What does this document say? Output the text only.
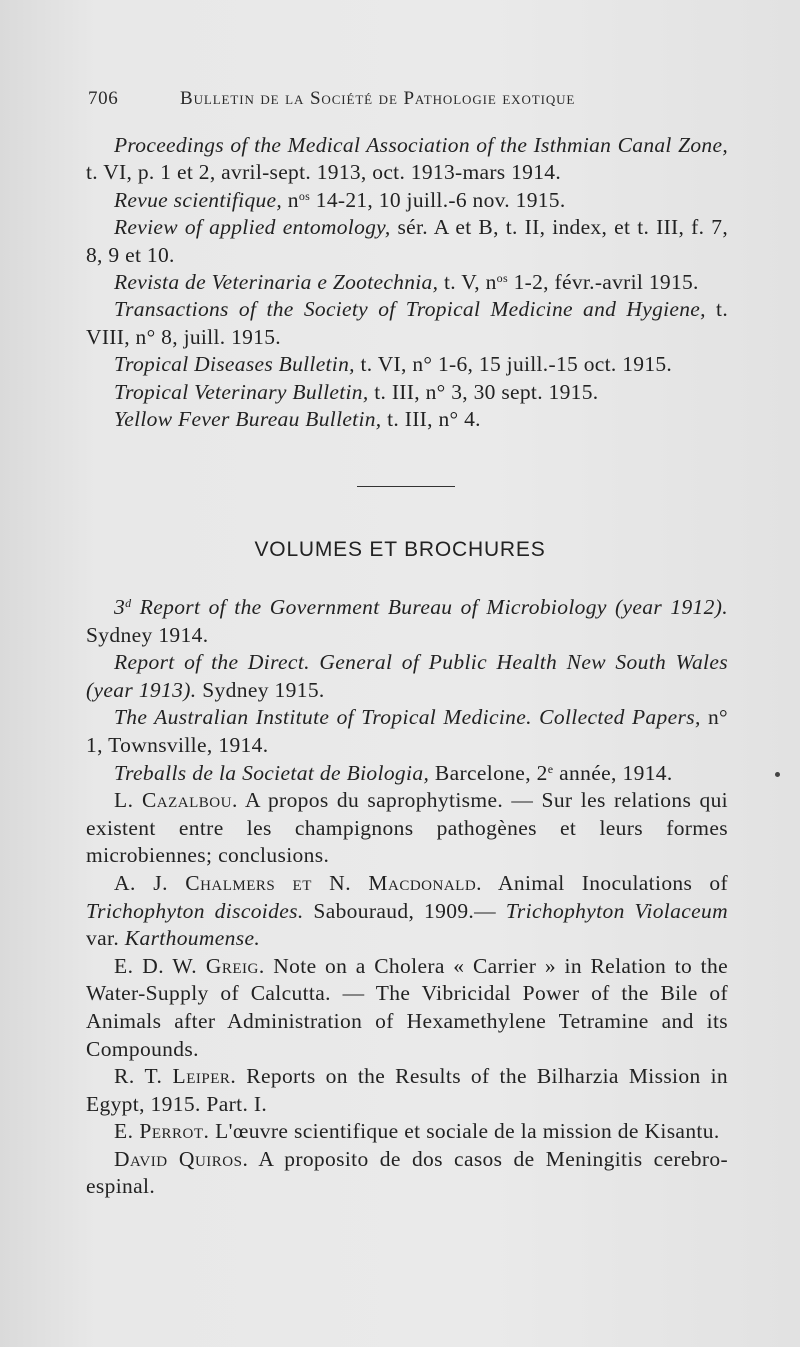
706	Bulletin de la Société de Pathologie exotique

Proceedings of the Medical Association of the Isthmian Canal Zone, t. VI, p. 1 et 2, avril-sept. 1913, oct. 1913-mars 1914.

Revue scientifique, $n^{os}$ 14-21, 10 juill.-6 nov. 1915.

Review of applied entomology, sér. A et B, t. II, index, et t. III, f. 7, 8, 9 et 10.

Revista de Veterinaria e Zootechnia, t. V, $n^{os}$ 1-2, févr.-avril 1915.

Transactions of the Society of Tropical Medicine and Hygiene, t. VIII, n° 8, juill. 1915.

Tropical Diseases Bulletin, t. VI, n° 1-6, 15 juill.-15 oct. 1915.

Tropical Veterinary Bulletin, t. III, n° 3, 30 sept. 1915.

Yellow Fever Bureau Bulletin, t. III, n° 4.

VOLUMES ET BROCHURES

3$^d$ Report of the Government Bureau of Microbiology (year 1912). Sydney 1914.

Report of the Direct. General of Public Health New South Wales (year 1913). Sydney 1915.

The Australian Institute of Tropical Medicine. Collected Papers, n° 1, Townsville, 1914.

Treballs de la Societat de Biologia, Barcelone, 2e année, 1914.

L. Cazalbou. A propos du saprophytisme. — Sur les relations qui existent entre les champignons pathogènes et leurs formes microbiennes; conclusions.

A. J. Chalmers et N. Macdonald. Animal Inoculations of Trichophyton discoides. Sabouraud, 1909.— Trichophyton Violaceum var. Karthoumense.

E. D. W. Greig. Note on a Cholera « Carrier » in Relation to the Water-Supply of Calcutta. — The Vibricidal Power of the Bile of Animals after Administration of Hexamethylene Tetramine and its Compounds.

R. T. Leiper. Reports on the Results of the Bilharzia Mission in Egypt, 1915. Part. I.

E. Perrot. L'œuvre scientifique et sociale de la mission de Kisantu.

David Quiros. A proposito de dos casos de Meningitis cerebro-espinal.
